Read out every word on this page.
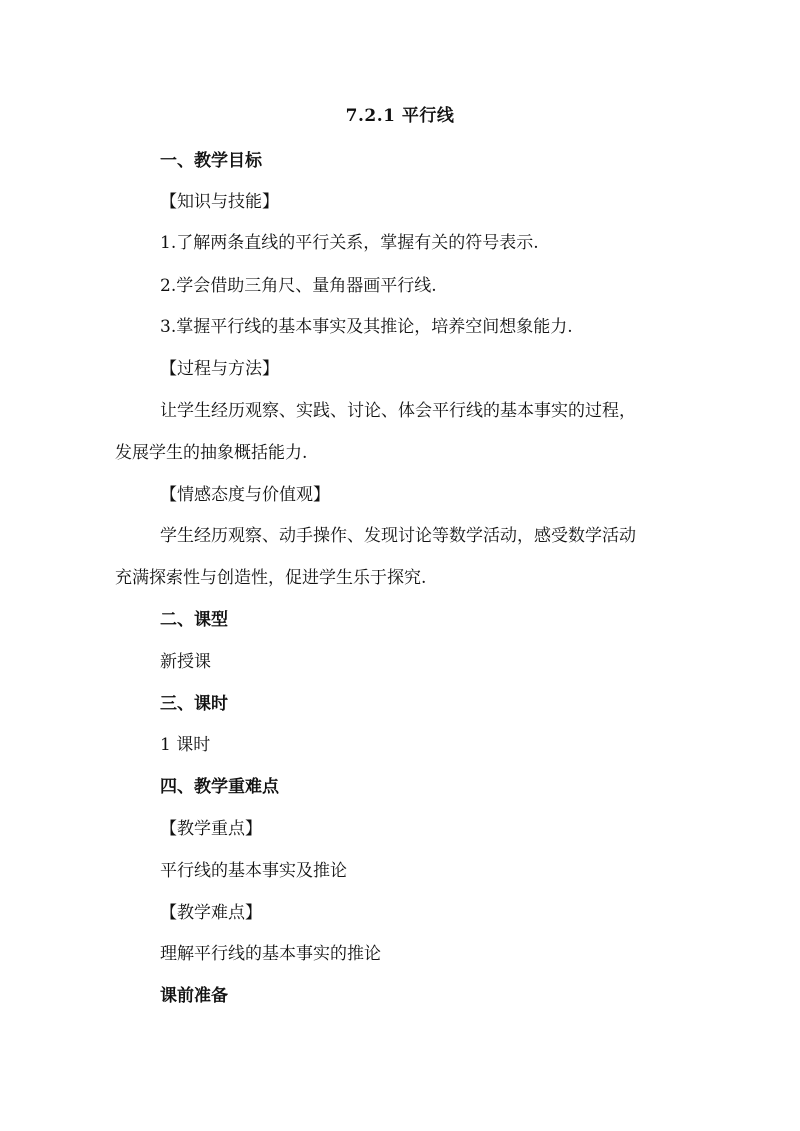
7.2.1 平行线
一、教学目标
【知识与技能】
1.了解两条直线的平行关系，掌握有关的符号表示.
2.学会借助三角尺、量角器画平行线.
3.掌握平行线的基本事实及其推论，培养空间想象能力.
【过程与方法】
让学生经历观察、实践、讨论、体会平行线的基本事实的过程，
发展学生的抽象概括能力.
【情感态度与价值观】
学生经历观察、动手操作、发现讨论等数学活动，感受数学活动
充满探索性与创造性，促进学生乐于探究.
二、课型
新授课
三、课时
1 课时
四、教学重难点
【教学重点】
平行线的基本事实及推论
【教学难点】
理解平行线的基本事实的推论
课前准备
